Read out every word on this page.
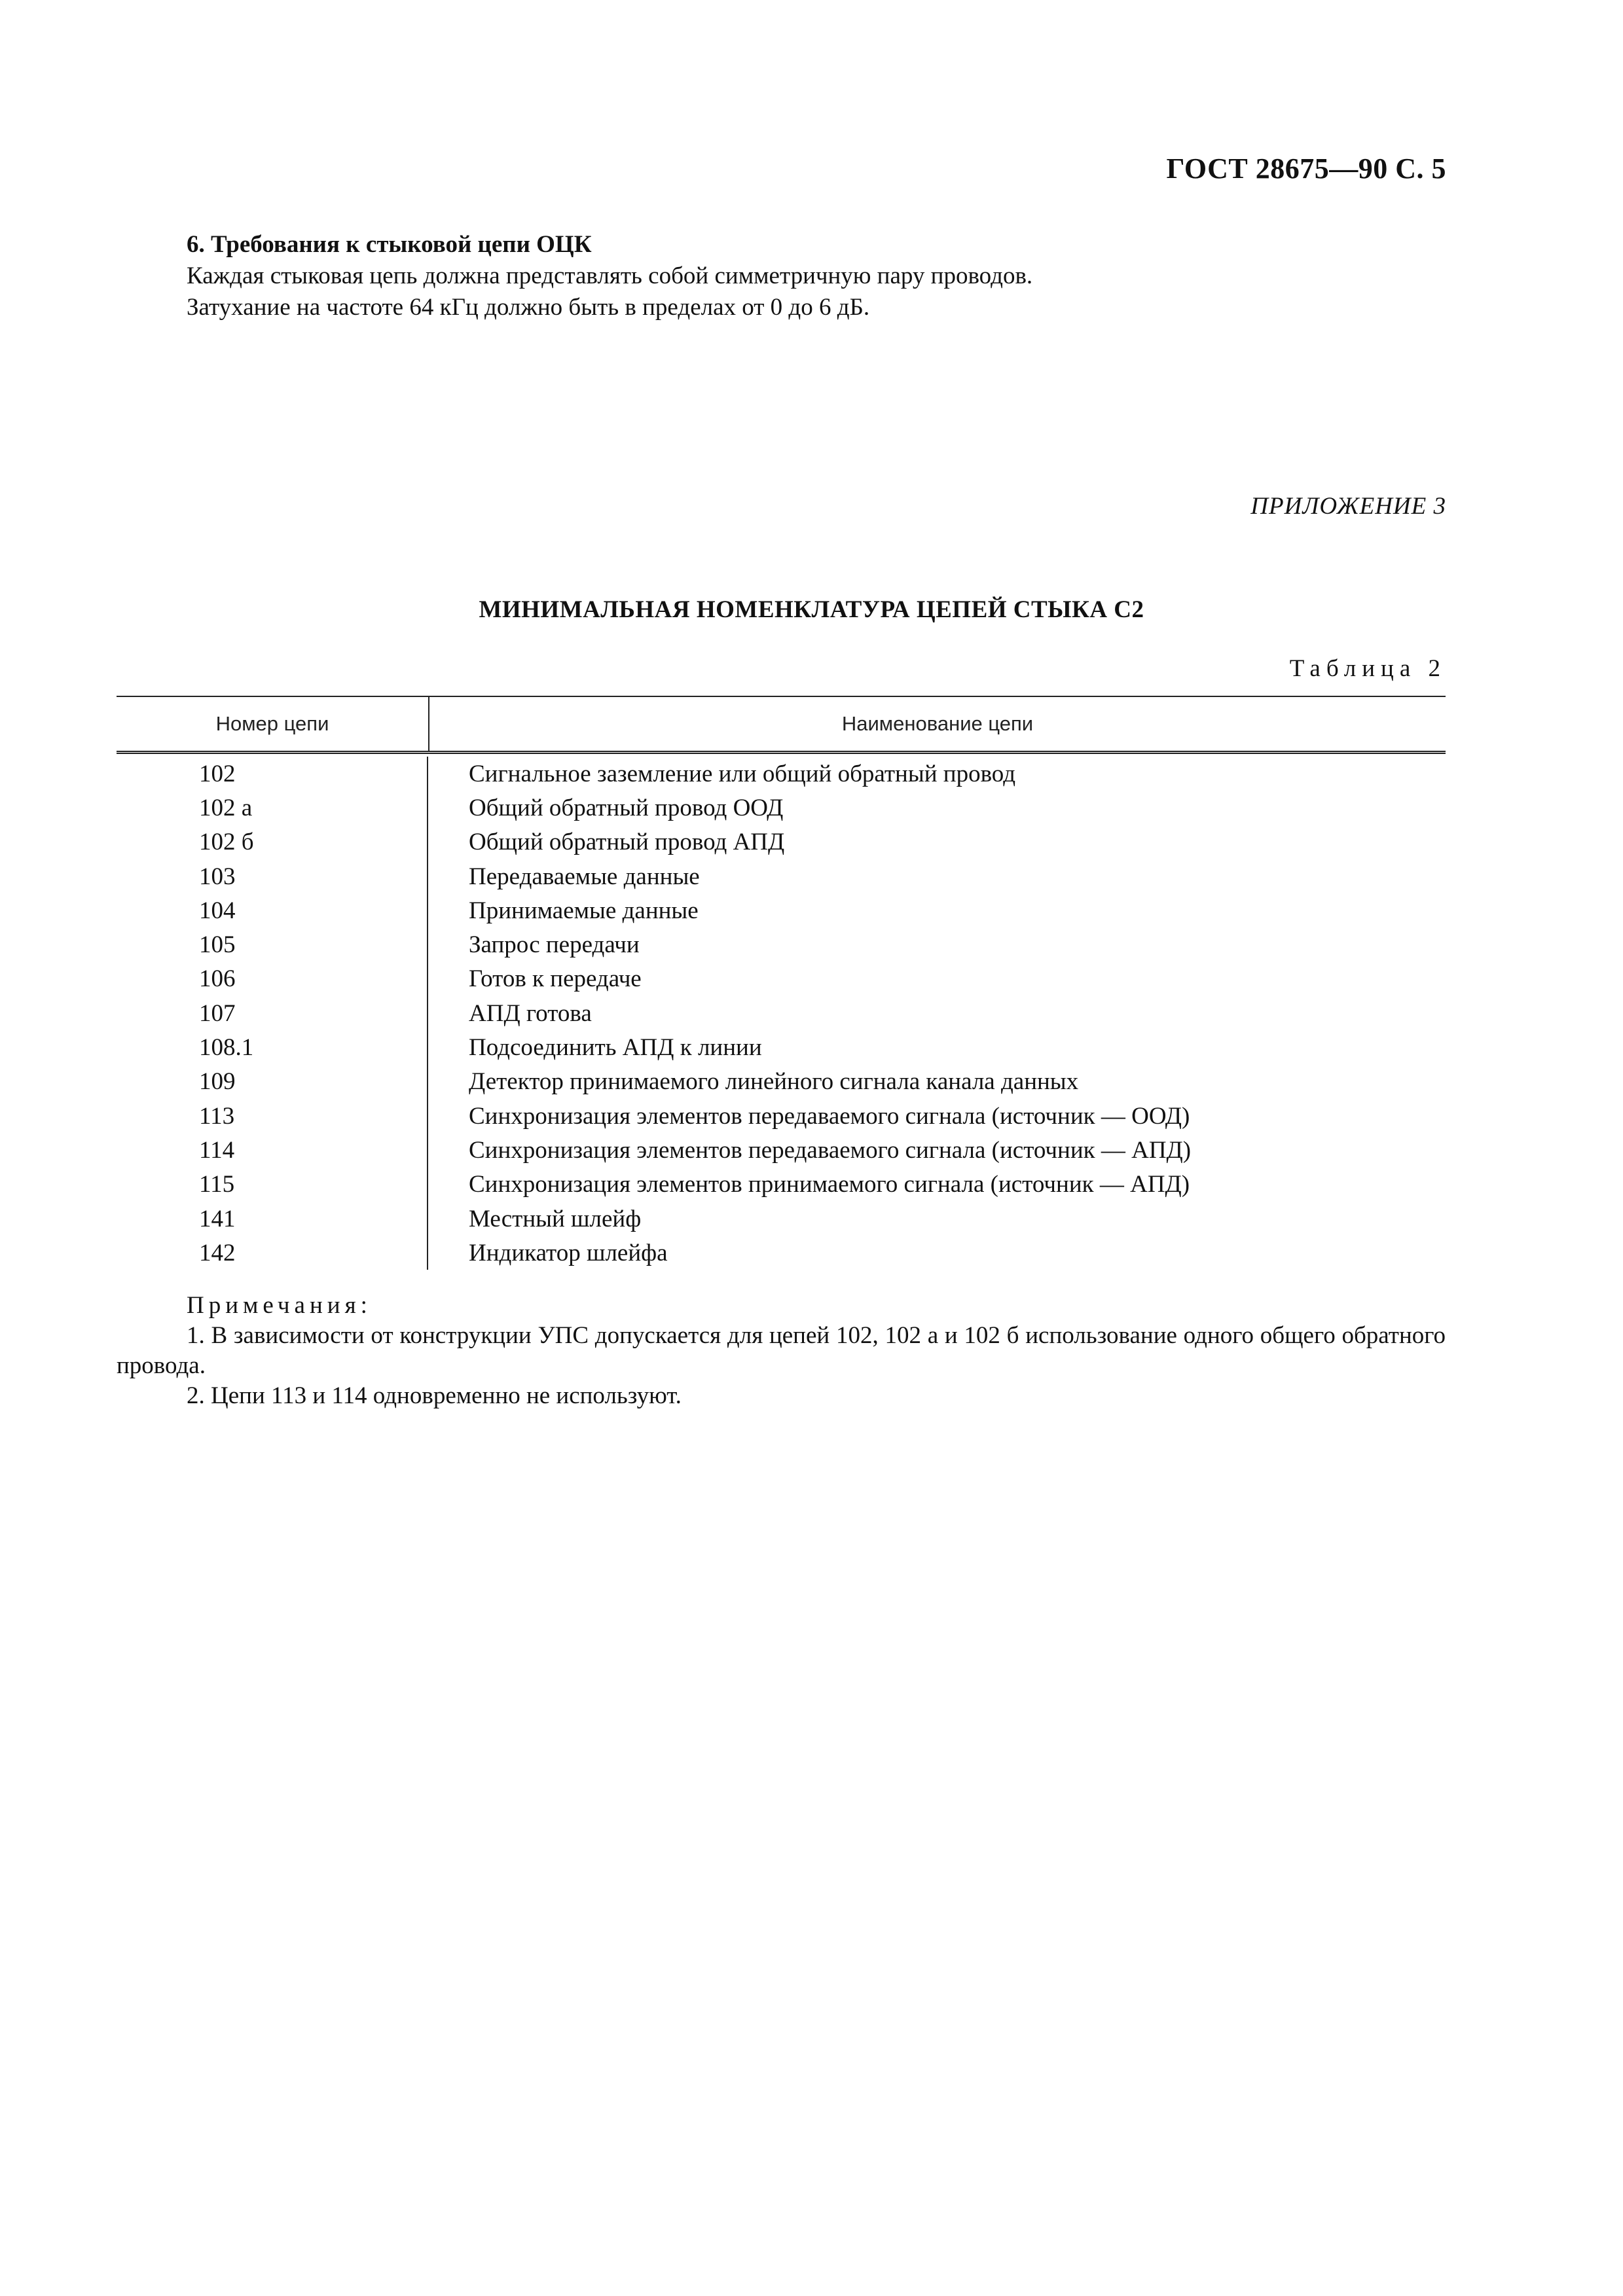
ГОСТ 28675—90 С. 5
6. Требования к стыковой цепи ОЦК
Каждая стыковая цепь должна представлять собой симметричную пару проводов.
Затухание на частоте 64 кГц должно быть в пределах от 0 до 6 дБ.
ПРИЛОЖЕНИЕ 3
МИНИМАЛЬНАЯ НОМЕНКЛАТУРА ЦЕПЕЙ СТЫКА С2
Таблица 2
Номер цепи	Наименование цепи
102
102 а
102 б
103
104
105
106
107
108.1
109
113
114
115
141
142
Сигнальное заземление или общий обратный провод
Общий обратный провод ООД
Общий обратный провод АПД
Передаваемые данные
Принимаемые данные
Запрос передачи
Готов к передаче
АПД готова
Подсоединить АПД к линии
Детектор принимаемого линейного сигнала канала данных
Синхронизация элементов передаваемого сигнала (источник — ООД)
Синхронизация элементов передаваемого сигнала (источник — АПД)
Синхронизация элементов принимаемого сигнала (источник — АПД)
Местный шлейф
Индикатор шлейфа
Примечания:
1. В зависимости от конструкции УПС допускается для цепей 102, 102 а и 102 б использование одного общего обратного провода.
2. Цепи 113 и 114 одновременно не используют.
